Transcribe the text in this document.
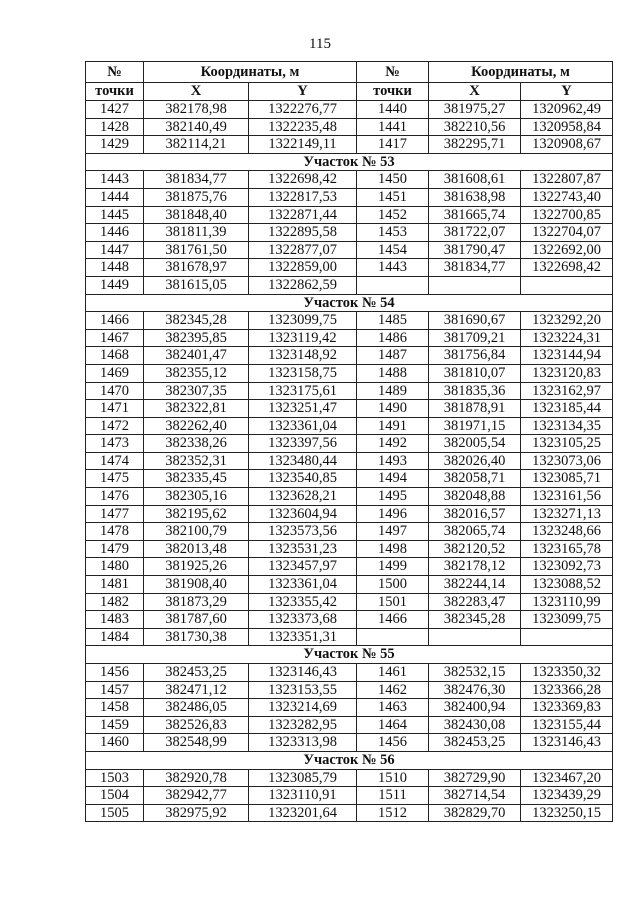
115
№	Координаты, м		№	Координаты, м	
точки	X	Y	точки	X	Y
1427	382178,98	1322276,77	1440	381975,27	1320962,49
1428	382140,49	1322235,48	1441	382210,56	1320958,84
1429	382114,21	1322149,11	1417	382295,71	1320908,67
Участок № 53					
1443	381834,77	1322698,42	1450	381608,61	1322807,87
1444	381875,76	1322817,53	1451	381638,98	1322743,40
1445	381848,40	1322871,44	1452	381665,74	1322700,85
1446	381811,39	1322895,58	1453	381722,07	1322704,07
1447	381761,50	1322877,07	1454	381790,47	1322692,00
1448	381678,97	1322859,00	1443	381834,77	1322698,42
1449	381615,05	1322862,59			
Участок № 54					
1466	382345,28	1323099,75	1485	381690,67	1323292,20
1467	382395,85	1323119,42	1486	381709,21	1323224,31
1468	382401,47	1323148,92	1487	381756,84	1323144,94
1469	382355,12	1323158,75	1488	381810,07	1323120,83
1470	382307,35	1323175,61	1489	381835,36	1323162,97
1471	382322,81	1323251,47	1490	381878,91	1323185,44
1472	382262,40	1323361,04	1491	381971,15	1323134,35
1473	382338,26	1323397,56	1492	382005,54	1323105,25
1474	382352,31	1323480,44	1493	382026,40	1323073,06
1475	382335,45	1323540,85	1494	382058,71	1323085,71
1476	382305,16	1323628,21	1495	382048,88	1323161,56
1477	382195,62	1323604,94	1496	382016,57	1323271,13
1478	382100,79	1323573,56	1497	382065,74	1323248,66
1479	382013,48	1323531,23	1498	382120,52	1323165,78
1480	381925,26	1323457,97	1499	382178,12	1323092,73
1481	381908,40	1323361,04	1500	382244,14	1323088,52
1482	381873,29	1323355,42	1501	382283,47	1323110,99
1483	381787,60	1323373,68	1466	382345,28	1323099,75
1484	381730,38	1323351,31			
Участок № 55					
1456	382453,25	1323146,43	1461	382532,15	1323350,32
1457	382471,12	1323153,55	1462	382476,30	1323366,28
1458	382486,05	1323214,69	1463	382400,94	1323369,83
1459	382526,83	1323282,95	1464	382430,08	1323155,44
1460	382548,99	1323313,98	1456	382453,25	1323146,43
Участок № 56					
1503	382920,78	1323085,79	1510	382729,90	1323467,20
1504	382942,77	1323110,91	1511	382714,54	1323439,29
1505	382975,92	1323201,64	1512	382829,70	1323250,15
